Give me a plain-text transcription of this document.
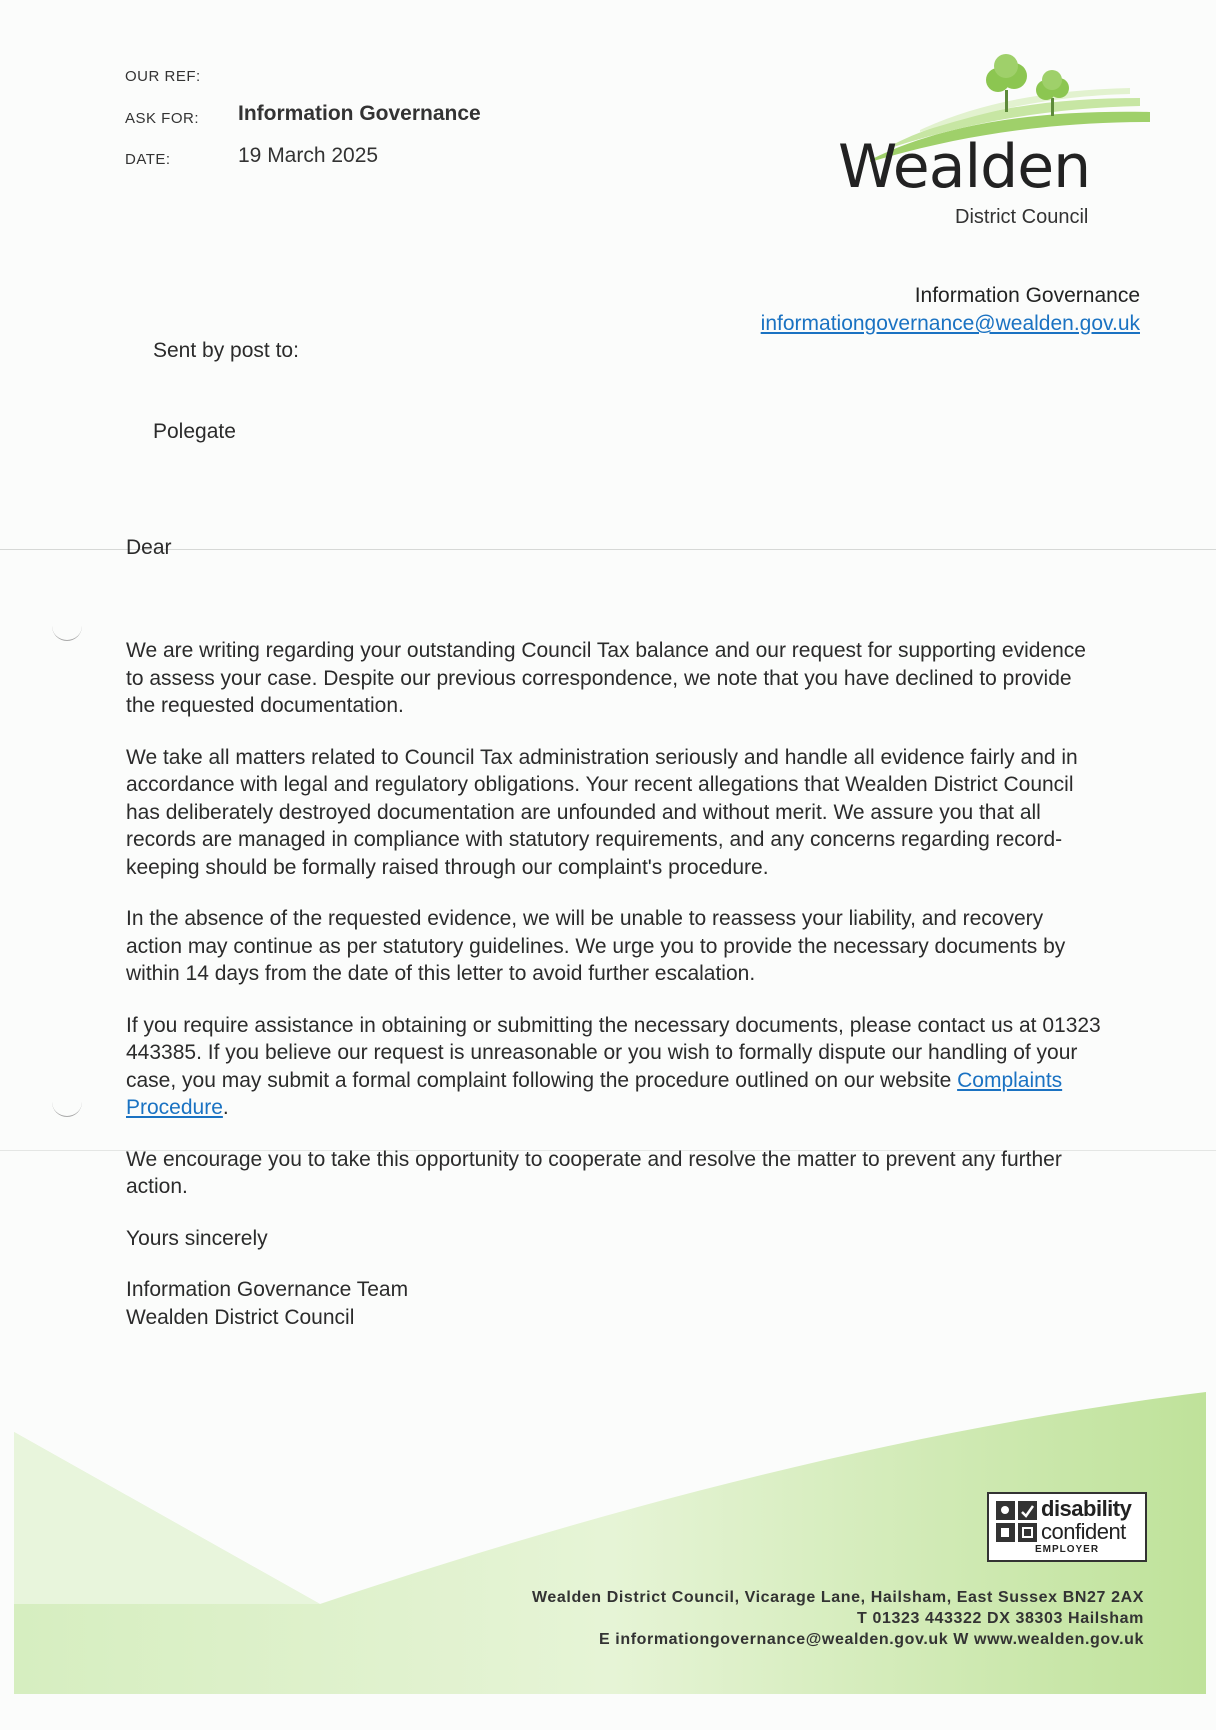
OUR REF:
ASK FOR: Information Governance
DATE:	19 March 2025	Wealden
District Council
Information Governance
informationgovernance@wealden.gov.uk
Sent by post to:
Polegate
Dear

We are writing regarding your outstanding Council Tax balance and our request for supporting evidence to assess your case. Despite our previous correspondence, we note that you have declined to provide the requested documentation.

We take all matters related to Council Tax administration seriously and handle all evidence fairly and in accordance with legal and regulatory obligations. Your recent allegations that Wealden District Council has deliberately destroyed documentation are unfounded and without merit. We assure you that all records are managed in compliance with statutory requirements, and any concerns regarding record-keeping should be formally raised through our complaint's procedure.

In the absence of the requested evidence, we will be unable to reassess your liability, and recovery action may continue as per statutory guidelines. We urge you to provide the necessary documents by within 14 days from the date of this letter to avoid further escalation.

If you require assistance in obtaining or submitting the necessary documents, please contact us at 01323 443385. If you believe our request is unreasonable or you wish to formally dispute our handling of your case, you may submit a formal complaint following the procedure outlined on our website Complaints Procedure.

We encourage you to take this opportunity to cooperate and resolve the matter to prevent any further action.

Yours sincerely

Information Governance Team
Wealden District Council
disability
confident
EMPLOYER
Wealden District Council, Vicarage Lane, Hailsham, East Sussex BN27 2AX
T 01323 443322 DX 38303 Hailsham
E informationgovernance@wealden.gov.uk W www.wealden.gov.uk
